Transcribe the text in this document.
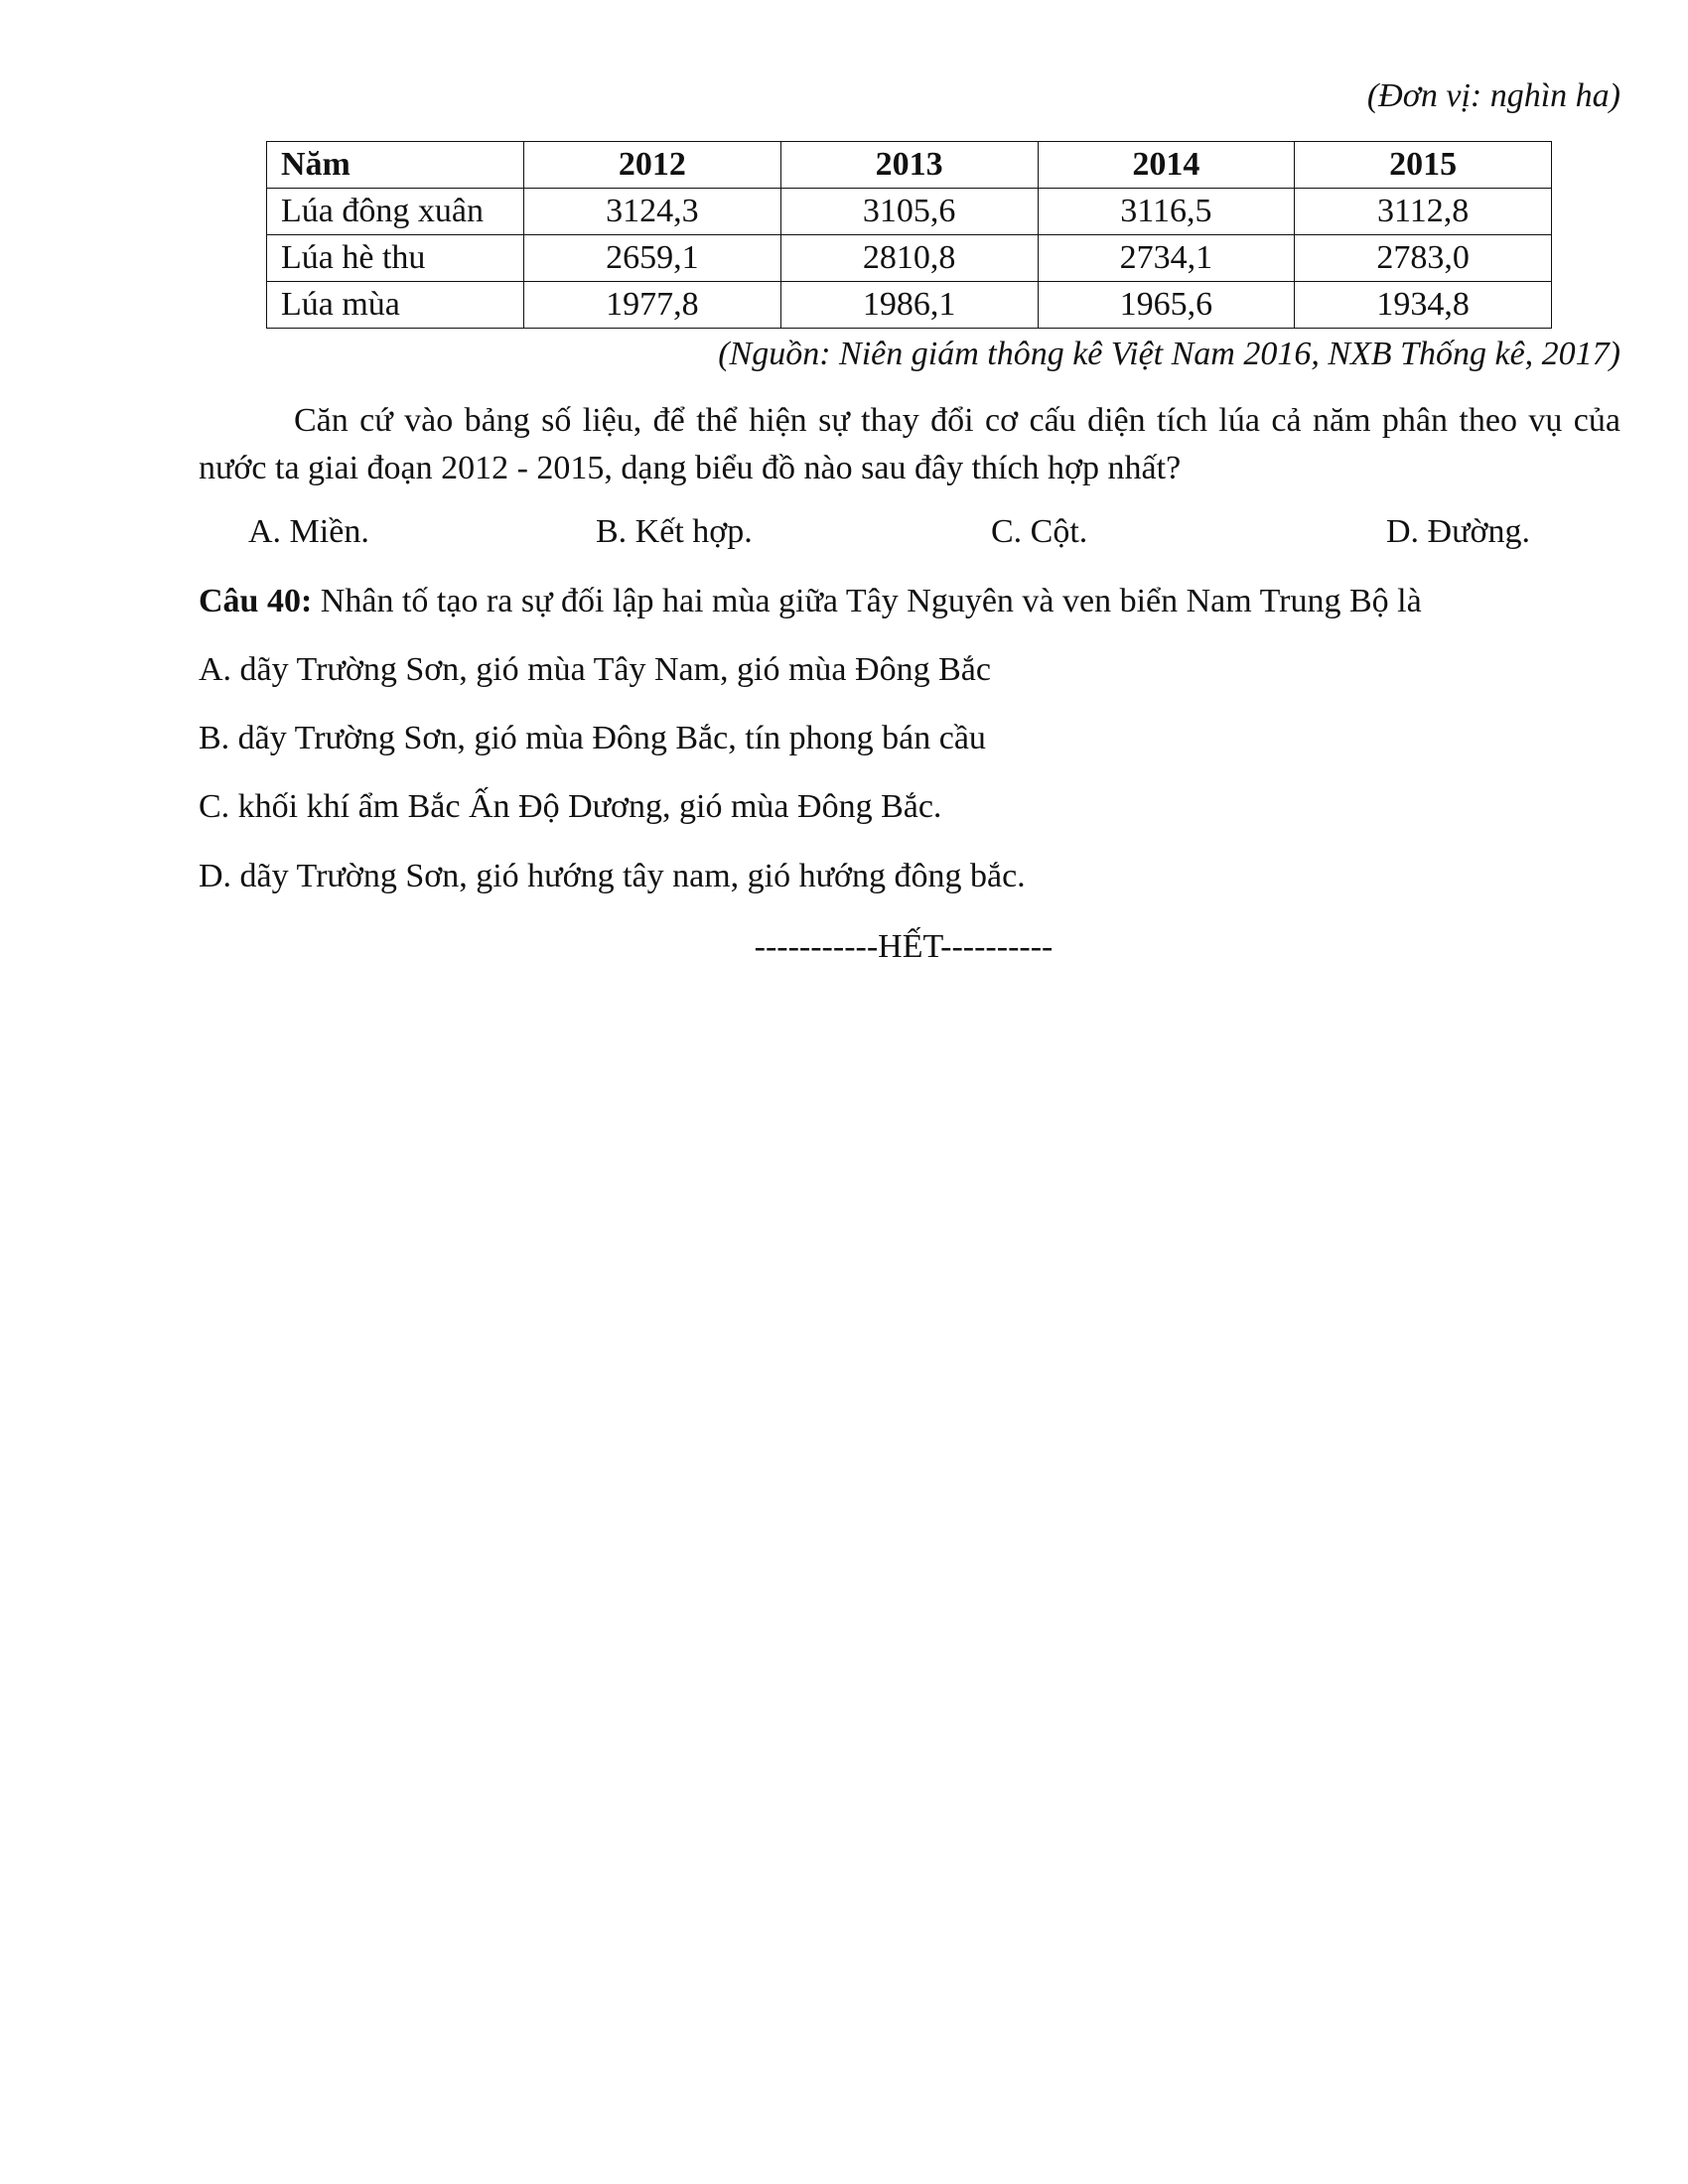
(Đơn vị: nghìn ha)
Năm	2012	2013	2014	2015
Lúa đông xuân	3124,3	3105,6	3116,5	3112,8
Lúa hè thu	2659,1	2810,8	2734,1	2783,0
Lúa mùa	1977,8	1986,1	1965,6	1934,8
(Nguồn: Niên giám thông kê Việt Nam 2016, NXB Thống kê, 2017)
Căn cứ vào bảng số liệu, để thể hiện sự thay đổi cơ cấu diện tích lúa cả năm phân theo vụ của nước ta giai đoạn 2012 - 2015, dạng biểu đồ nào sau đây thích hợp nhất?
A. Miền.	B. Kết hợp.	C. Cột.	D. Đường.
Câu 40: Nhân tố tạo ra sự đối lập hai mùa giữa Tây Nguyên và ven biển Nam Trung Bộ là
A. dãy Trường Sơn, gió mùa Tây Nam, gió mùa Đông Bắc
B. dãy Trường Sơn, gió mùa Đông Bắc, tín phong bán cầu
C. khối khí ẩm Bắc Ấn Độ Dương, gió mùa Đông Bắc.
D. dãy Trường Sơn, gió hướng tây nam, gió hướng đông bắc.
-----------HẾT----------
